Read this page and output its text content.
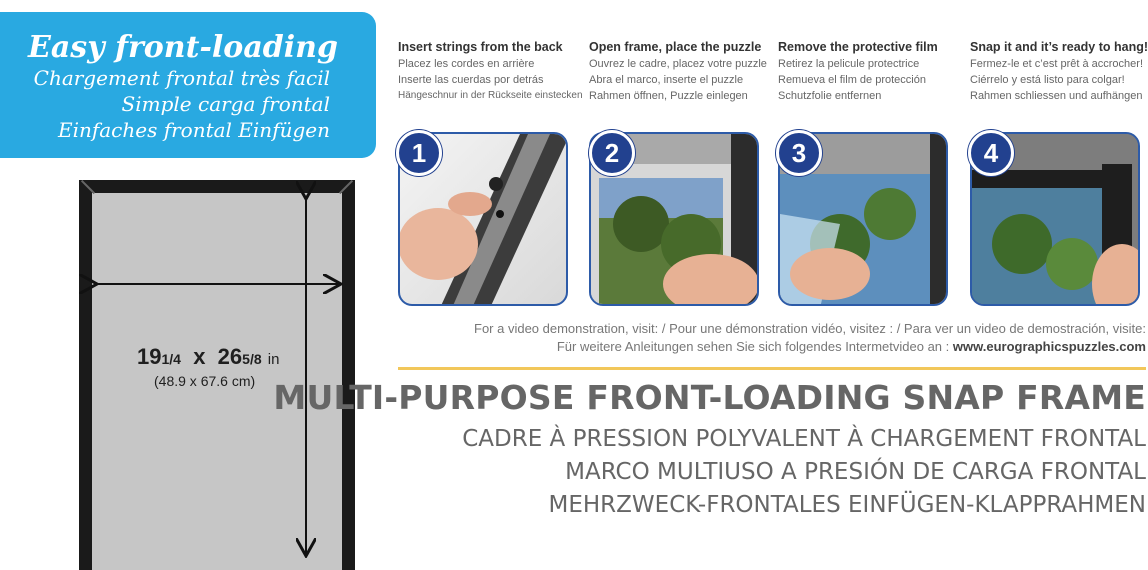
Easy front-loading
Chargement frontal très facil
Simple carga frontal
Einfaches frontal Einfügen
191/4 x 265/8 in
(48.9 x 67.6 cm)
Insert strings from the back
Placez les cordes en arrière
Inserte las cuerdas por detrás
Hängeschnur in der Rückseite einstecken
Open frame, place the puzzle
Ouvrez le cadre, placez votre puzzle
Abra el marco, inserte el puzzle
Rahmen öffnen, Puzzle einlegen
Remove the protective film
Retirez la pelicule protectrice
Remueva el film de protección
Schutzfolie entfernen
Snap it and it’s ready to hang!
Fermez-le et c’est prêt à accrocher!
Ciérrelo y está listo para colgar!
Rahmen schliessen und aufhängen
1	2	3	4
For a video demonstration, visit: / Pour une démonstration vidéo, visitez : / Para ver un video de demostración, visite:
Für weitere Anleitungen sehen Sie sich folgendes Intermetvideo an : www.eurographicspuzzles.com
MULTI-PURPOSE FRONT-LOADING SNAP FRAME
CADRE À PRESSION POLYVALENT À CHARGEMENT FRONTAL
MARCO MULTIUSO A PRESIÓN DE CARGA FRONTAL
MEHRZWECK-FRONTALES EINFÜGEN-KLAPPRAHMEN
